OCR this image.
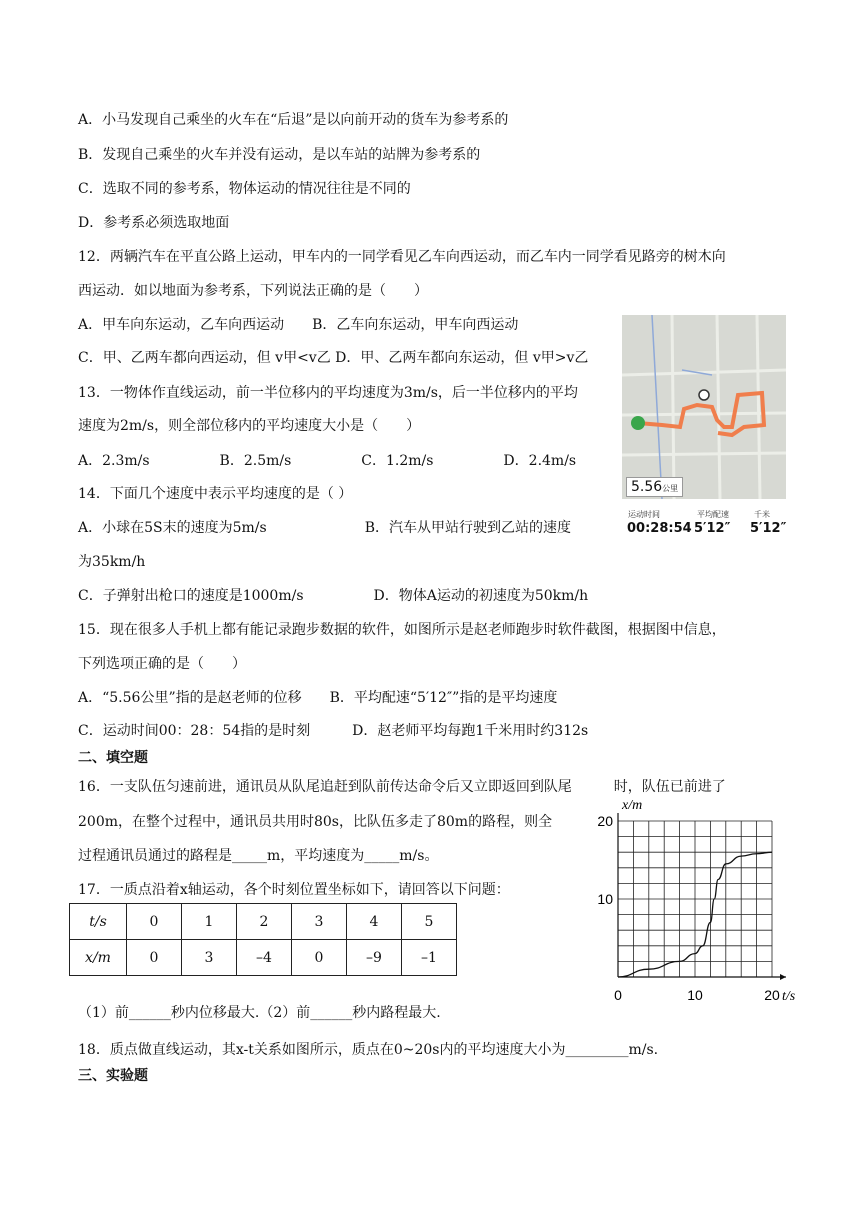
A．小马发现自己乘坐的火车在“后退”是以向前开动的货车为参考系的
B．发现自己乘坐的火车并没有运动，是以车站的站牌为参考系的
C．选取不同的参考系，物体运动的情况往往是不同的
D．参考系必须选取地面
12．两辆汽车在平直公路上运动，甲车内的一同学看见乙车向西运动，而乙车内一同学看见路旁的树木向
西运动．如以地面为参考系，下列说法正确的是（　　）
A．甲车向东运动，乙车向西运动　　B．乙车向东运动，甲车向西运动
C．甲、乙两车都向西运动，但 v甲<v乙 D．甲、乙两车都向东运动，但 v甲>v乙
13．一物体作直线运动，前一半位移内的平均速度为3m/s，后一半位移内的平均
速度为2m/s，则全部位移内的平均速度大小是（　　）
A．2.3m/s　　　　　B．2.5m/s　　　　　C．1.2m/s　　　　　D．2.4m/s
14．下面几个速度中表示平均速度的是（ ）
A．小球在5S末的速度为5m/s　　　　　　　B．汽车从甲站行驶到乙站的速度
为35km/h
C．子弹射出枪口的速度是1000m/s　　　　　D．物体A运动的初速度为50km/h
15．现在很多人手机上都有能记录跑步数据的软件，如图所示是赵老师跑步时软件截图，根据图中信息，
下列选项正确的是（　　）
A．“5.56公里”指的是赵老师的位移　　B．平均配速“5′12″”指的是平均速度
C．运动时间00：28：54指的是时刻　　　D．赵老师平均每跑1千米用时约312s
二、填空题
16．一支队伍匀速前进，通讯员从队尾追赶到队前传达命令后又立即返回到队尾　　　时，队伍已前进了
200m，在整个过程中，通讯员共用时80s，比队伍多走了80m的路程，则全
过程通讯员通过的路程是_____m，平均速度为_____m/s。
17．一质点沿着x轴运动，各个时刻位置坐标如下，请回答以下问题：
t/s	0	1	2	3	4	5
x/m	0	3	–4	0	–9	–1
（1）前______秒内位移最大.（2）前______秒内路程最大.
18．质点做直线运动，其x-t关系如图所示，质点在0~20s内的平均速度大小为_________m/s.
三、实验题
5.56公里
运动时间	平均配速	千米
00:28:54 5′12″ 5′12″
0	10	20
10
20
t/s
x/m
